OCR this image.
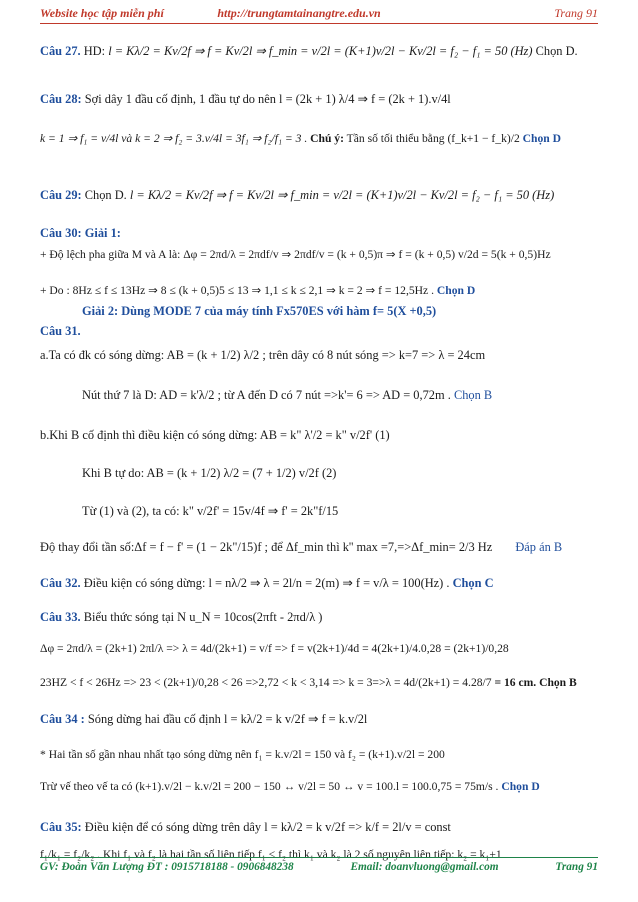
Website học tập miễn phí	http://trungtamtainangtre.edu.vn	Trang 91
Câu 27. HD: l = Kλ/2 = Kv/2f ⇒ f = Kv/2l ⇒ f_min = v/2l = (K+1)v/2l − Kv/2l = f₂ − f₁ = 50 (Hz) Chọn D.
Câu 28: Sợi dây 1 đầu cố định, 1 đầu tự do nên l = (2k + 1) λ/4 ⇒ f = (2k + 1).v/4l
k = 1 ⇒ f₁ = v/4l và k = 2 ⇒ f₂ = 3.v/4l = 3f₁ ⇒ f₂/f₁ = 3 . Chú ý: Tần số tối thiểu bằng (f_k+1 − f_k)/2 Chọn D
Câu 29: Chọn D. l = Kλ/2 = Kv/2f ⇒ f = Kv/2l ⇒ f_min = v/2l = (K+1)v/2l − Kv/2l = f₂ − f₁ = 50 (Hz)
Câu 30: Giải 1:
+ Độ lệch pha giữa M và A là: Δφ = 2πd/λ = 2πdf/v ⇒ 2πdf/v = (k + 0,5)π ⇒ f = (k + 0,5) v/2d = 5(k + 0,5)Hz
+ Do : 8Hz ≤ f ≤ 13Hz ⇒ 8 ≤ (k + 0,5)5 ≤ 13 ⇒ 1,1 ≤ k ≤ 2,1 ⇒ k = 2 ⇒ f = 12,5Hz . Chọn D
Giải 2: Dùng MODE 7 của máy tính Fx570ES với hàm f= 5(X +0,5)
Câu 31.
a.Ta có đk có sóng dừng: AB = (k + 1/2) λ/2 ; trên dây có 8 nút sóng => k=7 => λ = 24cm
Nút thứ 7 là D: AD = k'λ/2 ; từ A đến D có 7 nút =>k'= 6 => AD = 0,72m . Chọn B
b.Khi B cố định thì điều kiện có sóng dừng: AB = k" λ'/2 = k" v/2f' (1)
Khi B tự do: AB = (k + 1/2) λ/2 = (7 + 1/2) v/2f (2)
Từ (1) và (2), ta có: k" v/2f' = 15v/4f ⇒ f' = 2k"f/15
Độ thay đổi tần số:Δf = f − f' = (1 − 2k"/15)f ; để Δf_min thì k'' max =7,=>Δf_min= 2/3 Hz Đáp án B
Câu 32. Điều kiện có sóng dừng: l = nλ/2 ⇒ λ = 2l/n = 2(m) ⇒ f = v/λ = 100(Hz) . Chọn C
Câu 33. Biểu thức sóng tại N u_N = 10cos(2πft - 2πd/λ )
Δφ = 2πd/λ = (2k+1) 2πl/λ => λ = 4d/(2k+1) = v/f => f = v(2k+1)/4d = 4(2k+1)/4.0,28 = (2k+1)/0,28
23HZ < f < 26Hz => 23 < (2k+1)/0,28 < 26 =>2,72 < k < 3,14 => k = 3=>λ = 4d/(2k+1) = 4.28/7 = 16 cm. Chọn B
Câu 34 : Sóng dừng hai đầu cố định l = kλ/2 = k v/2f ⇒ f = k.v/2l
* Hai tần số gần nhau nhất tạo sóng dừng nên f₁ = k.v/2l = 150 và f₂ = (k+1).v/2l = 200
Trừ vế theo vế ta có (k+1).v/2l − k.v/2l = 200 − 150 ↔ v/2l = 50 ↔ v = 100.l = 100.0,75 = 75m/s . Chọn D
Câu 35: Điều kiện để có sóng dừng trên dây l = kλ/2 = k v/2f => k/f = 2l/v = const
f₁/k₁ = f₂/k₂ . Khi f₁ và f₂ là hai tần số liên tiếp f₁ < f₂ thì k₁ và k₂ là 2 số nguyên liên tiếp: k₂ = k₁+1
GV: Đoàn Văn Lượng ĐT : 0915718188 - 0906848238	Email: doanvluong@gmail.com	Trang 91
